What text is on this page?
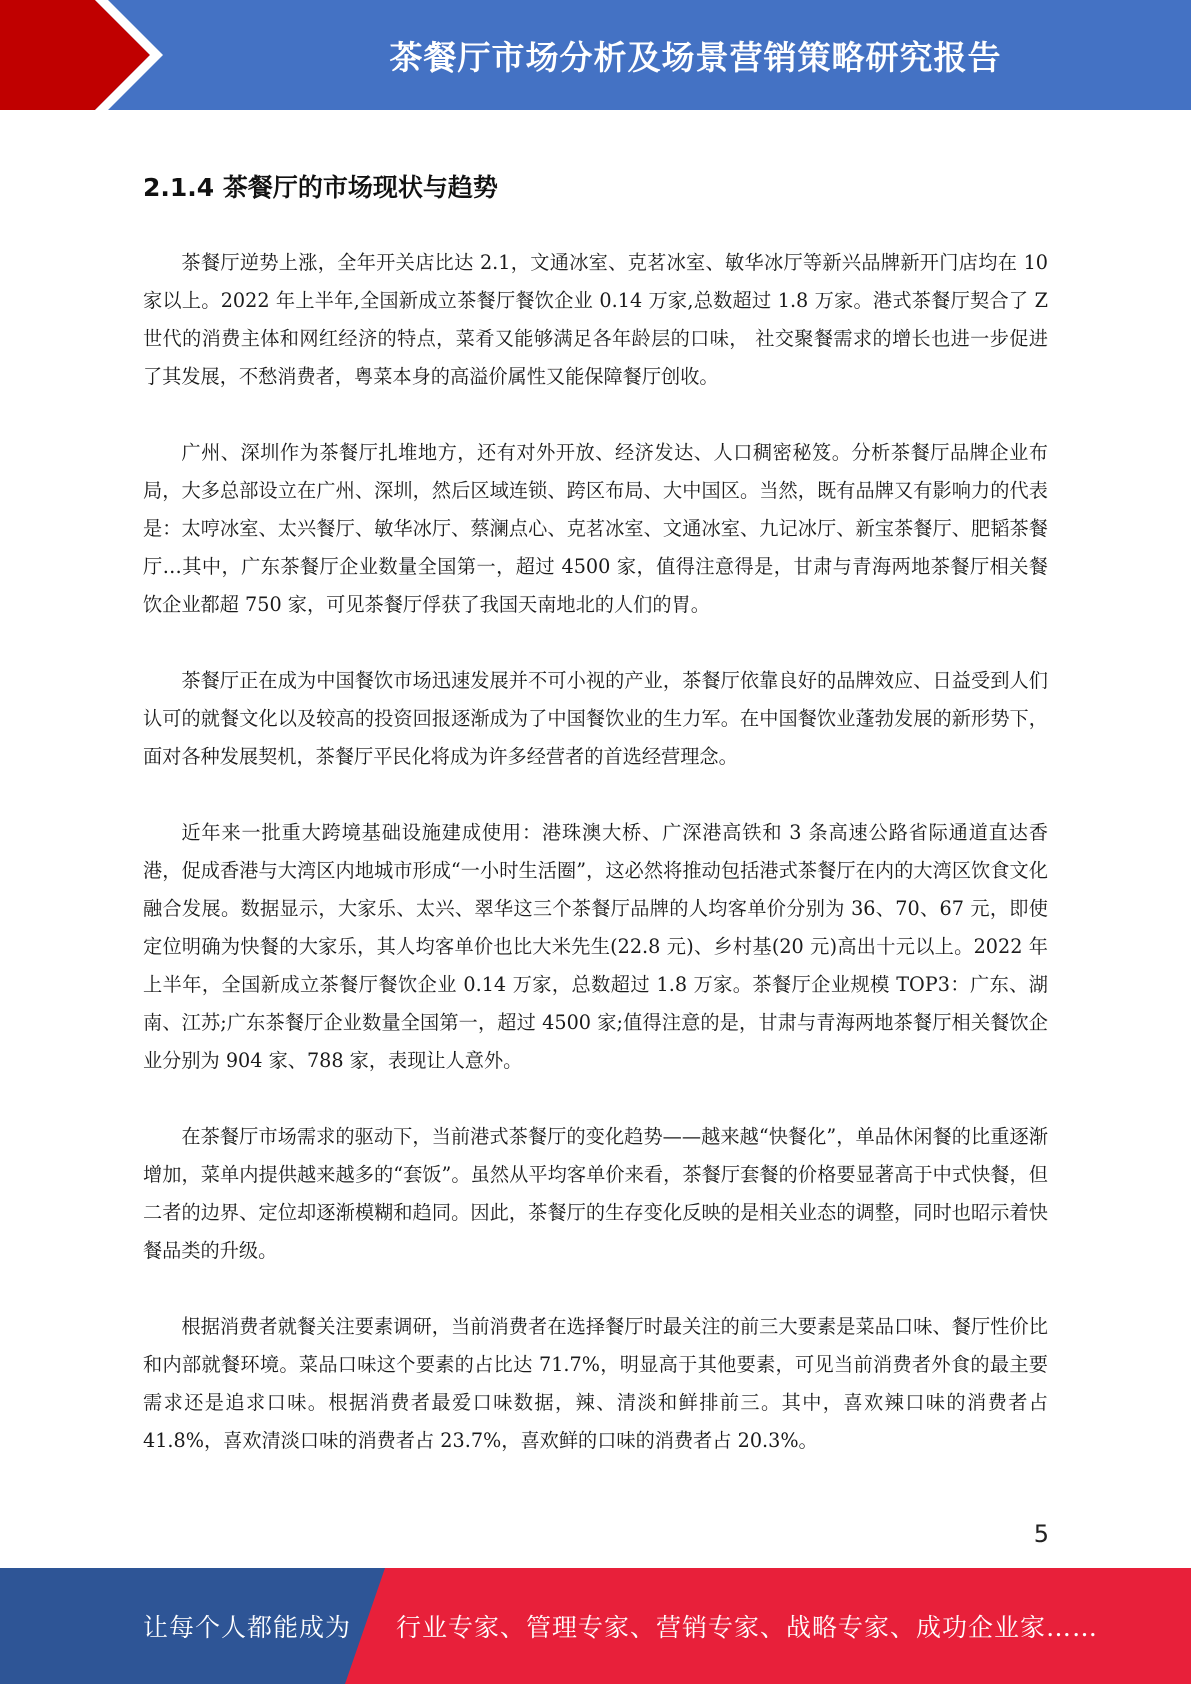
茶餐厅市场分析及场景营销策略研究报告
2.1.4 茶餐厅的市场现状与趋势

茶餐厅逆势上涨，全年开关店比达 2.1，文通冰室、克茗冰室、敏华冰厅等新兴品牌新开门店均在 10 家以上。2022 年上半年,全国新成立茶餐厅餐饮企业 0.14 万家,总数超过 1.8 万家。港式茶餐厅契合了 Z 世代的消费主体和网红经济的特点，菜肴又能够满足各年龄层的口味， 社交聚餐需求的增长也进一步促进了其发展，不愁消费者，粤菜本身的高溢价属性又能保障餐厅创收。

广州、深圳作为茶餐厅扎堆地方，还有对外开放、经济发达、人口稠密秘笈。分析茶餐厅品牌企业布局，大多总部设立在广州、深圳，然后区域连锁、跨区布局、大中国区。当然，既有品牌又有影响力的代表是：太哼冰室、太兴餐厅、敏华冰厅、蔡澜点心、克茗冰室、文通冰室、九记冰厅、新宝茶餐厅、肥韬茶餐厅…其中，广东茶餐厅企业数量全国第一，超过 4500 家，值得注意得是，甘肃与青海两地茶餐厅相关餐饮企业都超 750 家，可见茶餐厅俘获了我国天南地北的人们的胃。

茶餐厅正在成为中国餐饮市场迅速发展并不可小视的产业，茶餐厅依靠良好的品牌效应、日益受到人们认可的就餐文化以及较高的投资回报逐渐成为了中国餐饮业的生力军。在中国餐饮业蓬勃发展的新形势下，面对各种发展契机，茶餐厅平民化将成为许多经营者的首选经营理念。

近年来一批重大跨境基础设施建成使用：港珠澳大桥、广深港高铁和 3 条高速公路省际通道直达香港，促成香港与大湾区内地城市形成“一小时生活圈”，这必然将推动包括港式茶餐厅在内的大湾区饮食文化融合发展。数据显示，大家乐、太兴、翠华这三个茶餐厅品牌的人均客单价分别为 36、70、67 元，即使定位明确为快餐的大家乐，其人均客单价也比大米先生(22.8 元)、乡村基(20 元)高出十元以上。2022 年上半年，全国新成立茶餐厅餐饮企业 0.14 万家，总数超过 1.8 万家。茶餐厅企业规模 TOP3：广东、湖南、江苏;广东茶餐厅企业数量全国第一，超过 4500 家;值得注意的是，甘肃与青海两地茶餐厅相关餐饮企业分别为 904 家、788 家，表现让人意外。

在茶餐厅市场需求的驱动下，当前港式茶餐厅的变化趋势——越来越“快餐化”，单品休闲餐的比重逐渐增加，菜单内提供越来越多的“套饭”。虽然从平均客单价来看，茶餐厅套餐的价格要显著高于中式快餐，但二者的边界、定位却逐渐模糊和趋同。因此，茶餐厅的生存变化反映的是相关业态的调整，同时也昭示着快餐品类的升级。

根据消费者就餐关注要素调研，当前消费者在选择餐厅时最关注的前三大要素是菜品口味、餐厅性价比和内部就餐环境。菜品口味这个要素的占比达 71.7%，明显高于其他要素，可见当前消费者外食的最主要需求还是追求口味。根据消费者最爱口味数据，辣、清淡和鲜排前三。其中，喜欢辣口味的消费者占 41.8%，喜欢清淡口味的消费者占 23.7%，喜欢鲜的口味的消费者占 20.3%。

5
让每个人都能成为 行业专家、管理专家、营销专家、战略专家、成功企业家……
